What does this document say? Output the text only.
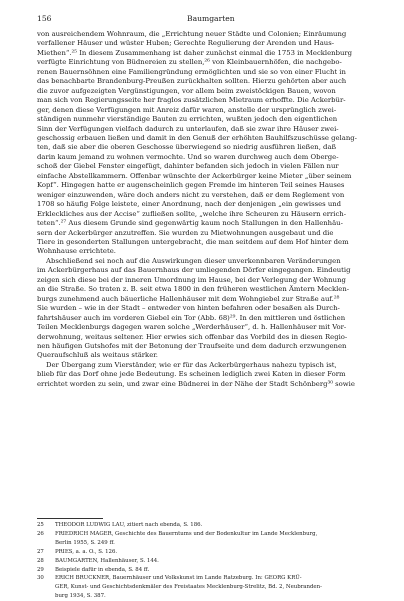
156	Baumgarten
von ausreichendem Wohnraum, die „Errichtung neuer Städte und Colonien; Einräumung
verfallener Häuser und wüster Huben; Gerechte Regulierung der Arenden und Haus-
Miethen“.²⁵ In diesem Zusammenhang ist daher zunächst einmal die 1753 in Mecklenburg
verfügte Einrichtung von Büdnereien zu stellen,²⁶ von Kleinbauernhöfen, die nachgebo-
renen Bauernsöhnen eine Familiengründung ermöglichten und sie so von einer Flucht in
das benachbarte Brandenburg-Preußen zurückhalten sollten. Hierzu gehörten aber auch
die zuvor aufgezeigten Vergünstigungen, vor allem beim zweistöckigen Bauen, wovon
man sich von Regierungsseite her fraglos zusätzlichen Mietraum erhoffte. Die Ackerbür-
ger, denen diese Verfügungen mit Anreiz dafür waren, anstelle der ursprünglich zwei-
ständigen nunmehr vierständige Bauten zu errichten, wußten jedoch den eigentlichen
Sinn der Verfügungen vielfach dadurch zu unterlaufen, daß sie zwar ihre Häuser zwei-
geschossig erbauen ließen und damit in den Genuß der erhöhten Bauhilfszuschüsse gelang-
ten, daß sie aber die oberen Geschosse überwiegend so niedrig ausführen ließen, daß
darin kaum jemand zu wohnen vermochte. Und so waren durchweg auch dem Oberge-
schoß der Giebel Fenster eingefügt, dahinter befanden sich jedoch in vielen Fällen nur
einfache Abstellkammern. Offenbar wünschte der Ackerbürger keine Mieter „über seinem
Kopf“. Hingegen hatte er augenscheinlich gegen Fremde im hinteren Teil seines Hauses
weniger einzuwenden, wäre doch anders nicht zu verstehen, daß er dem Reglement von
1708 so häufig Folge leistete, einer Anordnung, nach der denjenigen „ein gewisses und
Erkleckliches aus der Accise“ zufließen sollte, „welche ihre Scheuren zu Häusern errich-
teten“.²⁷ Aus diesem Grunde sind gegenwärtig kaum noch Stallungen in den Hallenhäu-
sern der Ackerbürger anzutreffen. Sie wurden zu Mietwohnungen ausgebaut und die
Tiere in gesonderten Stallungen untergebracht, die man seitdem auf dem Hof hinter dem
Wohnhause errichtete.
Abschließend sei noch auf die Auswirkungen dieser unverkennbaren Veränderungen
im Ackerbürgerhaus auf das Bauernhaus der umliegenden Dörfer eingegangen. Eindeutig
zeigen sich diese bei der inneren Umordnung im Hause, bei der Verlegung der Wohnung
an die Straße. So traten z. B. seit etwa 1800 in den früheren westlichen Ämtern Mecklen-
burgs zunehmend auch bäuerliche Hallenhäuser mit dem Wohngiebel zur Straße auf.²⁸
Sie wurden – wie in der Stadt – entweder von hinten befahren oder besaßen als Durch-
fahrtshäuser auch im vorderen Giebel ein Tor (Abb. 68)²⁹. In den mittleren und östlichen
Teilen Mecklenburgs dagegen waren solche „Werderhäuser“, d. h. Hallenhäuser mit Vor-
derwohnung, weitaus seltener. Hier erwies sich offenbar das Vorbild des in diesen Regio-
nen häufigen Gutshofes mit der Betonung der Traufseite und dem dadurch erzwungenen
Queraufschluß als weitaus stärker.
Der Übergang zum Vierständer, wie er für das Ackerbürgerhaus nahezu typisch ist,
blieb für das Dorf ohne jede Bedeutung. Es scheinen lediglich zwei Katen in dieser Form
errichtet worden zu sein, und zwar eine Büdnerei in der Nähe der Stadt Schönberg³⁰ sowie
25 THEODOR LUDWIG LAU, zitiert nach ebenda, S. 186.
26 FRIEDRICH MAGER, Geschichte des Bauerntums und der Bodenkultur im Lande Mecklenburg,
Berlin 1955, S. 249 ff.
27 PRIES, a. a. O., S. 126.
28 BAUMGARTEN, Hallenhäuser, S. 144.
29 Beispiele dafür in ebenda, S. 84 ff.
30 ERICH BRUCKNER, Bauernhäuser und Volkskunst im Lande Ratzeburg. In: GEORG KRÜ-
GER, Kunst- und Geschichtsdenkmäler des Freistaates Mecklenburg-Strelitz, Bd. 2, Neubranden-
burg 1934, S. 387.
